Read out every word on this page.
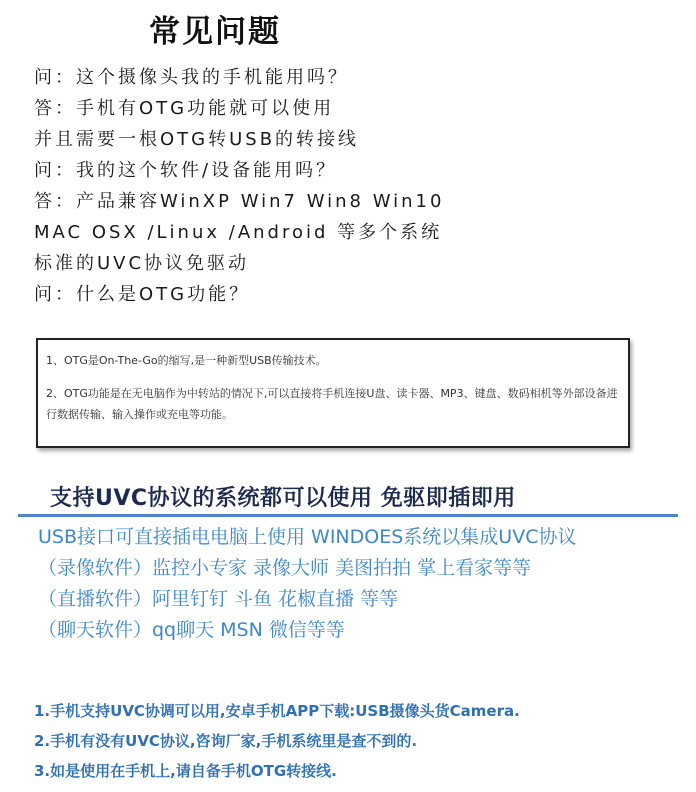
常见问题
问：这个摄像头我的手机能用吗？
答：手机有OTG功能就可以使用
并且需要一根OTG转USB的转接线
问：我的这个软件/设备能用吗？
答：产品兼容WinXP Win7 Win8 Win10
MAC OSX /Linux /Android 等多个系统
标准的UVC协议免驱动
问：什么是OTG功能？

1、OTG是On-The-Go的缩写,是一种新型USB传输技术。

2、OTG功能是在无电脑作为中转站的情况下,可以直接将手机连接U盘、读卡器、MP3、键盘、数码相机等外部设备进行数据传输、输入操作或充电等功能。

支持UVC协议的系统都可以使用 免驱即插即用
USB接口可直接插电电脑上使用 WINDOES系统以集成UVC协议
（录像软件）监控小专家 录像大师 美图拍拍 掌上看家等等
（直播软件）阿里钉钉 斗鱼 花椒直播 等等
（聊天软件）qq聊天 MSN 微信等等
1.手机支持UVC协调可以用,安卓手机APP下载:USB摄像头货Camera.
2.手机有没有UVC协议,咨询厂家,手机系统里是查不到的.
3.如是使用在手机上,请自备手机OTG转接线.
